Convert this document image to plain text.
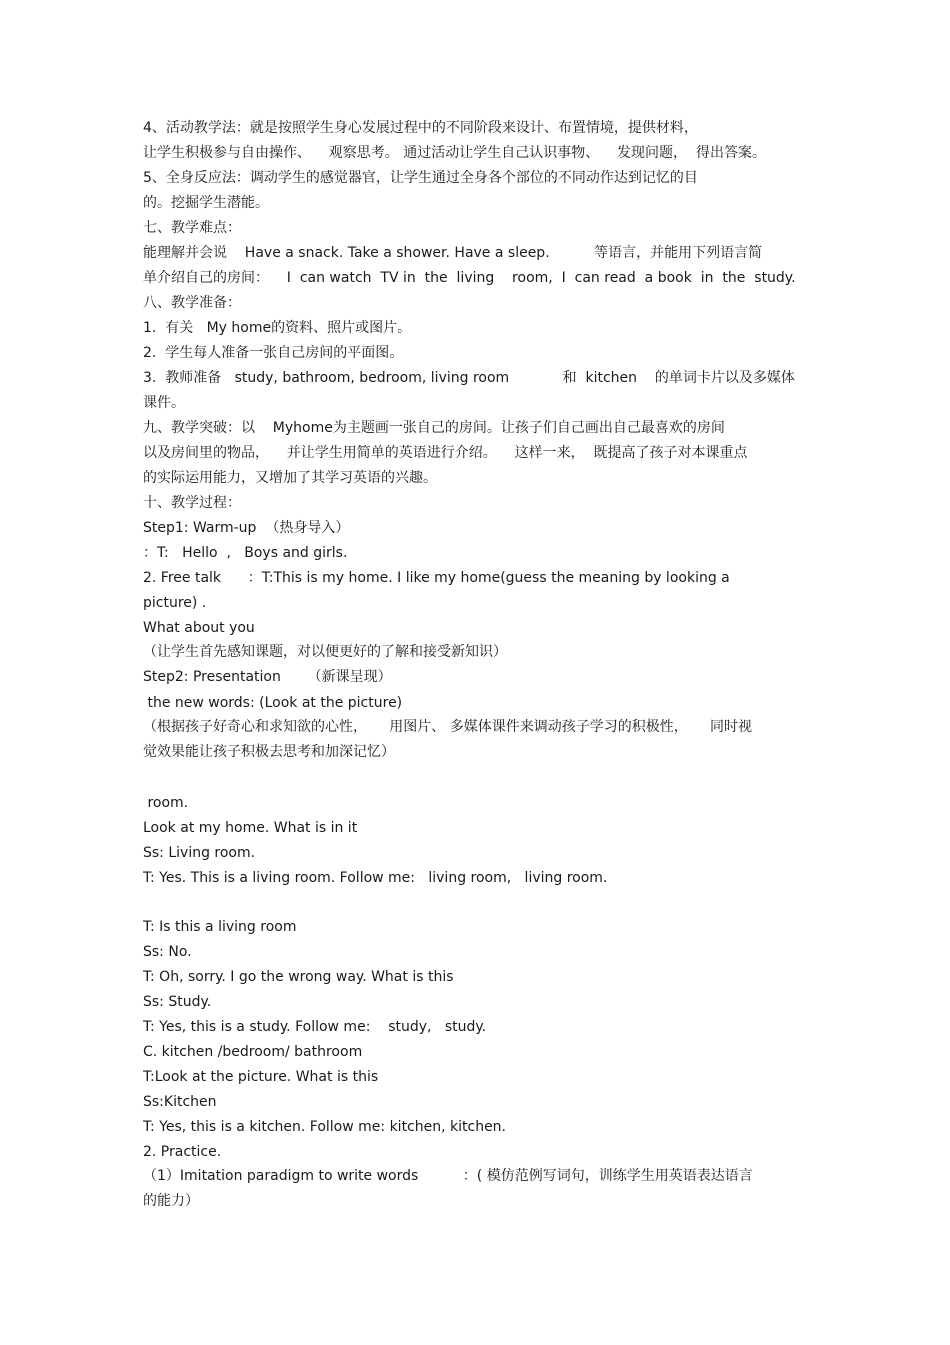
4、活动教学法：就是按照学生身心发展过程中的不同阶段来设计、布置情境，提供材料，
让学生积极参与自由操作、    观察思考。 通过活动让学生自己认识事物、    发现问题，  得出答案。
5、全身反应法：调动学生的感觉器官，让学生通过全身各个部位的不同动作达到记忆的目
的。挖掘学生潜能。
七、教学难点：
能理解并会说    Have a snack. Take a shower. Have a sleep.          等语言，并能用下列语言简
单介绍自己的房间：    I  can watch  TV in  the  living    room,  I  can read  a book  in  the  study.
八、教学准备：
1.  有关   My home的资料、照片或图片。
2.  学生每人准备一张自己房间的平面图。
3.  教师准备   study, bathroom, bedroom, living room            和  kitchen    的单词卡片以及多媒体
课件。
九、教学突破：以    Myhome为主题画一张自己的房间。让孩子们自己画出自己最喜欢的房间
以及房间里的物品，    并让学生用简单的英语进行介绍。    这样一来，  既提高了孩子对本课重点
的实际运用能力，又增加了其学习英语的兴趣。
十、教学过程：
Step1: Warm-up  （热身导入）
：T:   Hello  ,   Boys and girls.
2. Free talk      ：T:This is my home. I like my home(guess the meaning by looking a
picture) .
What about you
（让学生首先感知课题，对以便更好的了解和接受新知识）
Step2: Presentation      （新课呈现）
the new words: (Look at the picture)
（根据孩子好奇心和求知欲的心性，     用图片、 多媒体课件来调动孩子学习的积极性，     同时视
觉效果能让孩子积极去思考和加深记忆）
room.
Look at my home. What is in it
Ss: Living room.
T: Yes. This is a living room. Follow me:   living room,   living room.
T: Is this a living room
Ss: No.
T: Oh, sorry. I go the wrong way. What is this
Ss: Study.
T: Yes, this is a study. Follow me:    study,   study.
C. kitchen /bedroom/ bathroom
T:Look at the picture. What is this
Ss:Kitchen
T: Yes, this is a kitchen. Follow me: kitchen, kitchen.
2. Practice.
（1）Imitation paradigm to write words          ：( 模仿范例写词句，训练学生用英语表达语言
的能力）
